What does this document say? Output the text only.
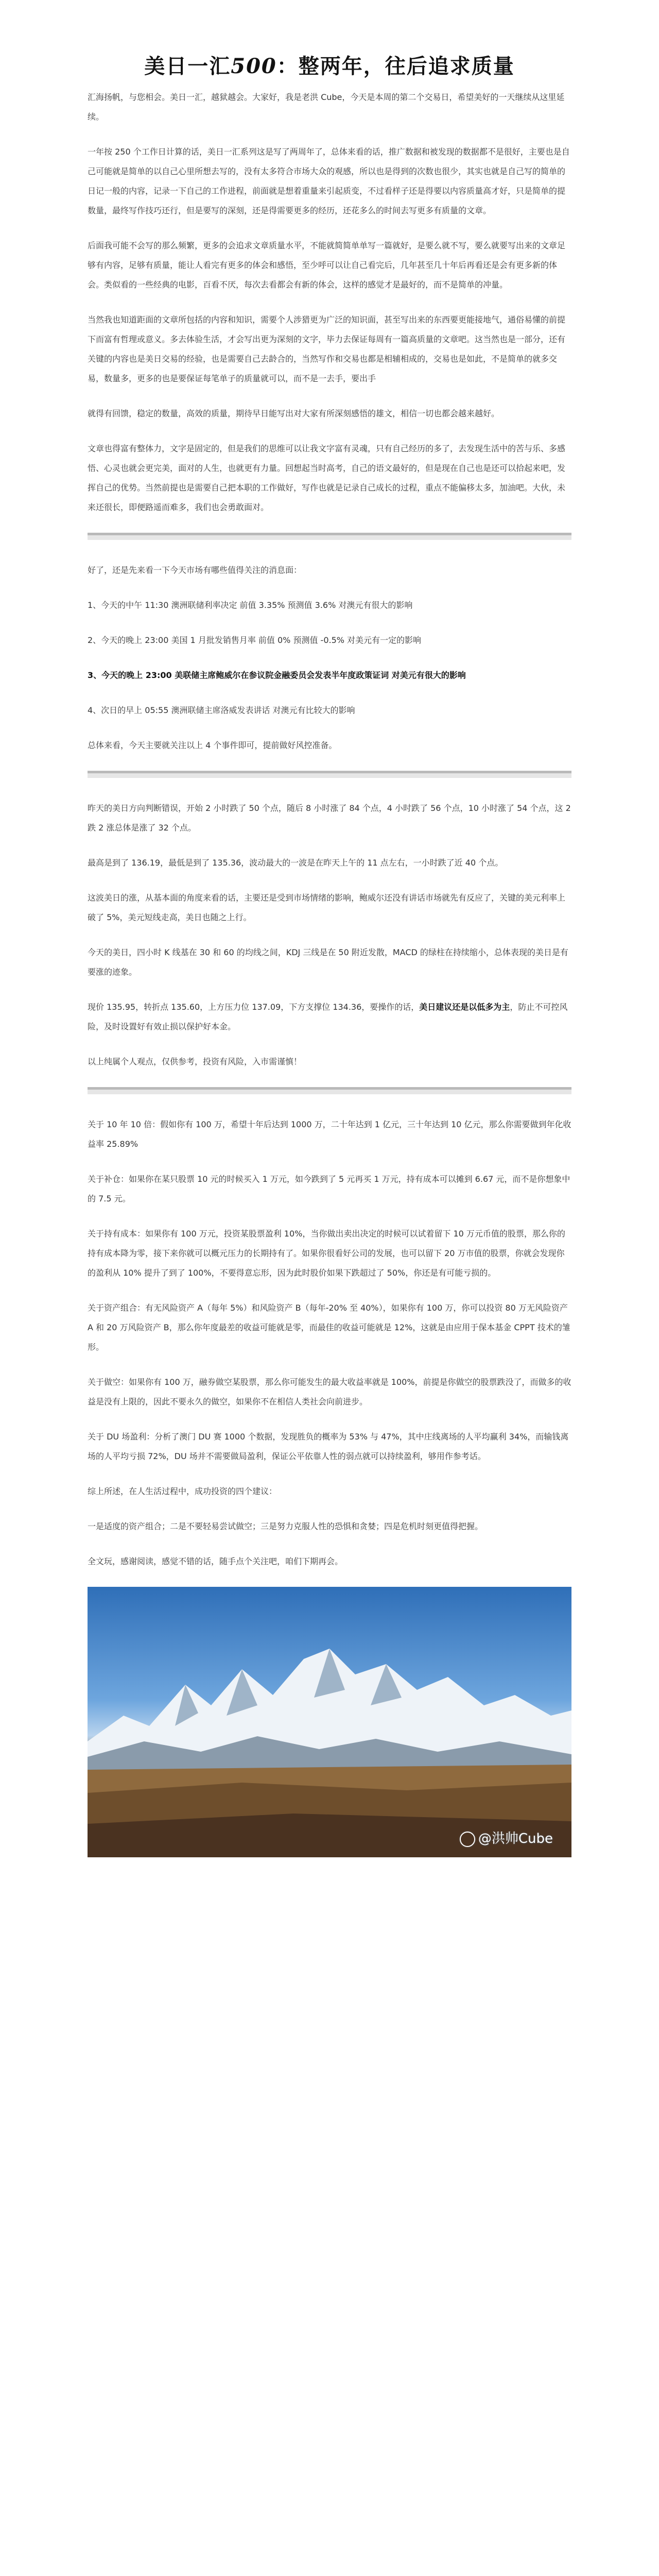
美日一汇500：整两年，往后追求质量

汇海扬帆，与您相会。美日一汇，越狱越会。大家好，我是老洪 Cube，今天是本周的第二个交易日，希望美好的一天继续从这里延续。

一年按 250 个工作日计算的话，美日一汇系列这是写了两周年了，总体来看的话，推广数据和被发现的数据都不是很好，主要也是自己可能就是简单的以自己心里所想去写的，没有太多符合市场大众的观感，所以也是得到的次数也很少，其实也就是自己写的简单的日记一般的内容，记录一下自己的工作进程，前面就是想着重量来引起质变，不过看样子还是得要以内容质量高才好，只是简单的提数量，最终写作技巧还行，但是要写的深刻，还是得需要更多的经历，还花多么的时间去写更多有质量的文章。

后面我可能不会写的那么频繁，更多的会追求文章质量水平，不能就简简单单写一篇就好，是要么就不写，要么就要写出来的文章足够有内容，足够有质量，能让人看完有更多的体会和感悟，至少呼可以让自己看完后，几年甚至几十年后再看还是会有更多新的体会。类似看的一些经典的电影，百看不厌，每次去看都会有新的体会，这样的感觉才是最好的，而不是简单的冲量。

当然我也知道距面的文章所包括的内容和知识，需要个人涉猎更为广泛的知识面，甚至写出来的东西要更能接地气，通俗易懂的前提下而富有哲理或意义。多去体验生活，才会写出更为深刻的文字，毕力去保证每周有一篇高质量的文章吧。这当然也是一部分，还有关键的内容也是美日交易的经验，也是需要自己去龄合的，当然写作和交易也都是相辅相成的，交易也是如此，不是简单的就多交易，数量多，更多的也是要保证每笔单子的质量就可以，而不是一去手，要出手

就得有回馈，稳定的数量，高效的质量，期待早日能写出对大家有所深刻感悟的雄文，相信一切也都会越来越好。

文章也得富有整体力，文字是固定的，但是我们的思维可以让我文字富有灵魂，只有自己经历的多了，去发现生活中的苦与乐、多感悟、心灵也就会更完美，面对的人生，也就更有力量。回想起当时高考，自己的语文最好的，但是现在自己也是还可以拾起来吧，发挥自己的优势。当然前提也是需要自己把本职的工作做好，写作也就是记录自己成长的过程，重点不能偏移太多，加油吧。大伙，未来还很长，即便路遥而难多，我们也会勇敢面对。

好了，还是先来看一下今天市场有哪些值得关注的消息面：

1、今天的中午 11:30 澳洲联储利率决定 前值 3.35% 预测值 3.6% 对澳元有很大的影响

2、今天的晚上 23:00 美国 1 月批发销售月率 前值 0% 预测值 -0.5% 对美元有一定的影响

3、今天的晚上 23:00 美联储主席鲍威尔在参议院金融委员会发表半年度政策证词 对美元有很大的影响

4、次日的早上 05:55 澳洲联储主席洛威发表讲话 对澳元有比较大的影响

总体来看，今天主要就关注以上 4 个事件即可，提前做好风控准备。

昨天的美日方向判断错误，开始 2 小时跌了 50 个点，随后 8 小时涨了 84 个点，4 小时跌了 56 个点，10 小时涨了 54 个点，这 2 跌 2 涨总体是涨了 32 个点。

最高是到了 136.19，最低是到了 135.36，波动最大的一波是在昨天上午的 11 点左右，一小时跌了近 40 个点。

这波美日的涨，从基本面的角度来看的话，主要还是受到市场情绪的影响，鲍威尔还没有讲话市场就先有反应了，关键的美元利率上破了 5%，美元短线走高，美日也随之上行。

今天的美日，四小时 K 线基在 30 和 60 的均线之间，KDJ 三线是在 50 附近发散，MACD 的绿柱在持续缩小，总体表现的美日是有要涨的迹象。

现价 135.95，转折点 135.60，上方压力位 137.09，下方支撑位 134.36，要操作的话，美日建议还是以低多为主，防止不可控风险，及时设置好有效止损以保护好本金。

以上纯属个人观点，仅供参考，投资有风险，入市需谨慎！

关于 10 年 10 倍：假如你有 100 万，希望十年后达到 1000 万，二十年达到 1 亿元，三十年达到 10 亿元，那么你需要做到年化收益率 25.89%

关于补仓：如果你在某只股票 10 元的时候买入 1 万元，如今跌到了 5 元再买 1 万元，持有成本可以摊到 6.67 元，而不是你想象中的 7.5 元。

关于持有成本：如果你有 100 万元，投资某股票盈利 10%，当你做出卖出决定的时候可以试着留下 10 万元币值的股票，那么你的持有成本降为零，接下来你就可以概元压力的长期持有了。如果你很看好公司的发展，也可以留下 20 万市值的股票，你就会发现你的盈利从 10% 提升了到了 100%，不要得意忘形，因为此时股价如果下跌超过了 50%，你还是有可能亏损的。

关于资产组合：有无风险资产 A（每年 5%）和风险资产 B（每年-20% 至 40%），如果你有 100 万，你可以投资 80 万无风险资产 A 和 20 万风险资产 B，那么你年度最差的收益可能就是零，而最佳的收益可能就是 12%，这就是由应用于保本基金 CPPT 技术的雏形。

关于做空：如果你有 100 万，融券做空某股票，那么你可能发生的最大收益率就是 100%，前提是你做空的股票跌没了，而做多的收益是没有上限的，因此不要永久的做空，如果你不在相信人类社会向前进步。

关于 DU 场盈利：分析了澳门 DU 赛 1000 个数据，发现胜负的概率为 53% 与 47%，其中庄线离场的人平均赢利 34%，而输钱离场的人平均亏损 72%，DU 场并不需要做局盈利，保证公平依靠人性的弱点就可以持续盈利，够用作参考话。

综上所述，在人生活过程中，成功投资的四个建议：

一是适度的资产组合；二是不要轻易尝试做空；三是努力克服人性的恐惧和贪婪；四是危机时刻更值得把握。

全文玩，感谢阅读，感觉不错的话，随手点个关注吧，咱们下期再会。

@洪帅Cube
